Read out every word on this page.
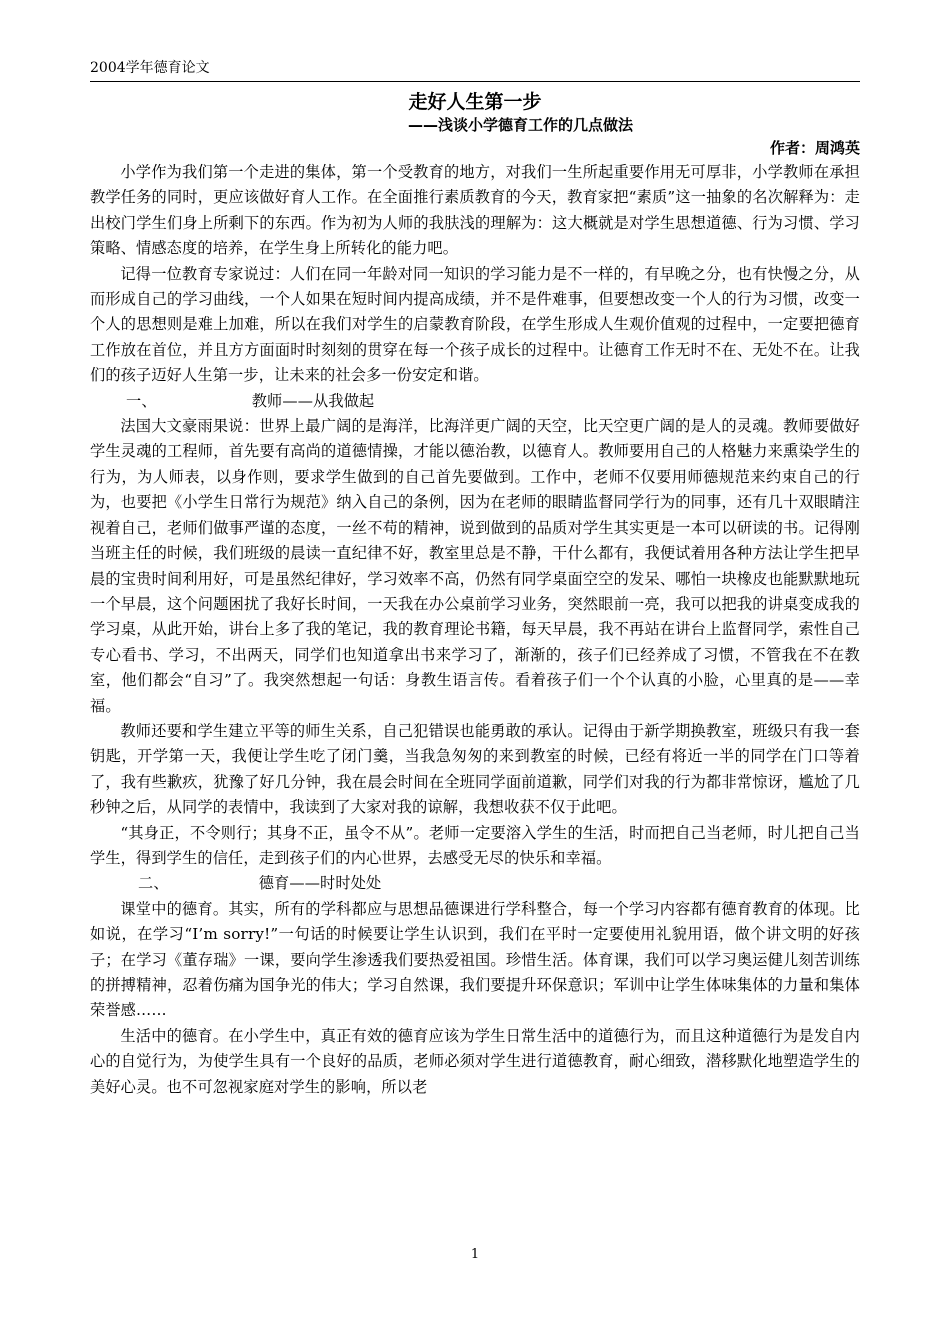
2004学年德育论文
走好人生第一步
——浅谈小学德育工作的几点做法
作者：周鸿英

小学作为我们第一个走进的集体，第一个受教育的地方，对我们一生所起重要作用无可厚非，小学教师在承担教学任务的同时，更应该做好育人工作。在全面推行素质教育的今天，教育家把“素质”这一抽象的名次解释为：走出校门学生们身上所剩下的东西。作为初为人师的我肤浅的理解为：这大概就是对学生思想道德、行为习惯、学习策略、情感态度的培养，在学生身上所转化的能力吧。

记得一位教育专家说过：人们在同一年龄对同一知识的学习能力是不一样的，有早晚之分，也有快慢之分，从而形成自己的学习曲线，一个人如果在短时间内提高成绩，并不是件难事，但要想改变一个人的行为习惯，改变一个人的思想则是难上加难，所以在我们对学生的启蒙教育阶段，在学生形成人生观价值观的过程中，一定要把德育工作放在首位，并且方方面面时时刻刻的贯穿在每一个孩子成长的过程中。让德育工作无时不在、无处不在。让我们的孩子迈好人生第一步，让未来的社会多一份安定和谐。

一、	教师——从我做起

法国大文豪雨果说：世界上最广阔的是海洋，比海洋更广阔的天空，比天空更广阔的是人的灵魂。教师要做好学生灵魂的工程师，首先要有高尚的道德情操，才能以德治教，以德育人。教师要用自己的人格魅力来熏染学生的行为，为人师表，以身作则，要求学生做到的自己首先要做到。工作中，老师不仅要用师德规范来约束自己的行为，也要把《小学生日常行为规范》纳入自己的条例，因为在老师的眼睛监督同学行为的同事，还有几十双眼睛注视着自己，老师们做事严谨的态度，一丝不苟的精神，说到做到的品质对学生其实更是一本可以研读的书。记得刚当班主任的时候，我们班级的晨读一直纪律不好，教室里总是不静，干什么都有，我便试着用各种方法让学生把早晨的宝贵时间利用好，可是虽然纪律好，学习效率不高，仍然有同学桌面空空的发呆、哪怕一块橡皮也能默默地玩一个早晨，这个问题困扰了我好长时间，一天我在办公桌前学习业务，突然眼前一亮，我可以把我的讲桌变成我的学习桌，从此开始，讲台上多了我的笔记，我的教育理论书籍，每天早晨，我不再站在讲台上监督同学，索性自己专心看书、学习，不出两天，同学们也知道拿出书来学习了，渐渐的，孩子们已经养成了习惯，不管我在不在教室，他们都会“自习”了。我突然想起一句话：身教生语言传。看着孩子们一个个认真的小脸，心里真的是——幸福。

教师还要和学生建立平等的师生关系，自己犯错误也能勇敢的承认。记得由于新学期换教室，班级只有我一套钥匙，开学第一天，我便让学生吃了闭门羹，当我急匆匆的来到教室的时候，已经有将近一半的同学在门口等着了，我有些歉疚，犹豫了好几分钟，我在晨会时间在全班同学面前道歉，同学们对我的行为都非常惊讶，尴尬了几秒钟之后，从同学的表情中，我读到了大家对我的谅解，我想收获不仅于此吧。

“其身正，不令则行；其身不正，虽令不从”。老师一定要溶入学生的生活，时而把自己当老师，时儿把自己当学生，得到学生的信任，走到孩子们的内心世界，去感受无尽的快乐和幸福。

二、	德育——时时处处

课堂中的德育。其实，所有的学科都应与思想品德课进行学科整合，每一个学习内容都有德育教育的体现。比如说，在学习“I’m sorry!”一句话的时候要让学生认识到，我们在平时一定要使用礼貌用语，做个讲文明的好孩子；在学习《董存瑞》一课，要向学生渗透我们要热爱祖国。珍惜生活。体育课，我们可以学习奥运健儿刻苦训练的拼搏精神，忍着伤痛为国争光的伟大；学习自然课，我们要提升环保意识；军训中让学生体味集体的力量和集体荣誉感……

生活中的德育。在小学生中，真正有效的德育应该为学生日常生活中的道德行为，而且这种道德行为是发自内心的自觉行为，为使学生具有一个良好的品质，老师必须对学生进行道德教育，耐心细致，潜移默化地塑造学生的美好心灵。也不可忽视家庭对学生的影响，所以老

1
